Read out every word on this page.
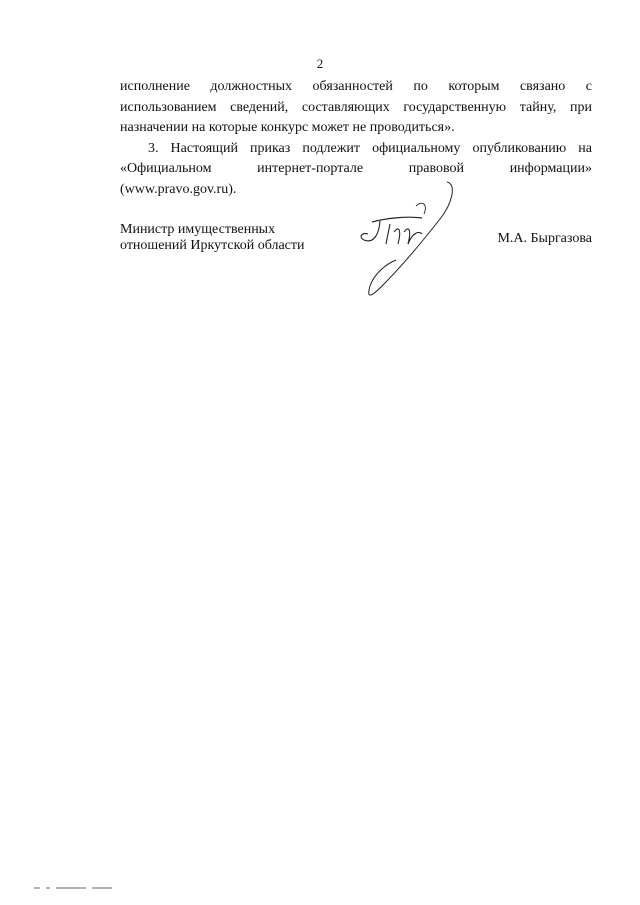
2
исполнение должностных обязанностей по которым связано с
использованием сведений, составляющих государственную тайну, при
назначении на которые конкурс может не проводиться».
3. Настоящий приказ подлежит официальному опубликованию на
«Официальном	интернет-портале	правовой	информации»
(www.pravo.gov.ru).
Министр имущественных
отношений Иркутской области	М.А. Быргазова
